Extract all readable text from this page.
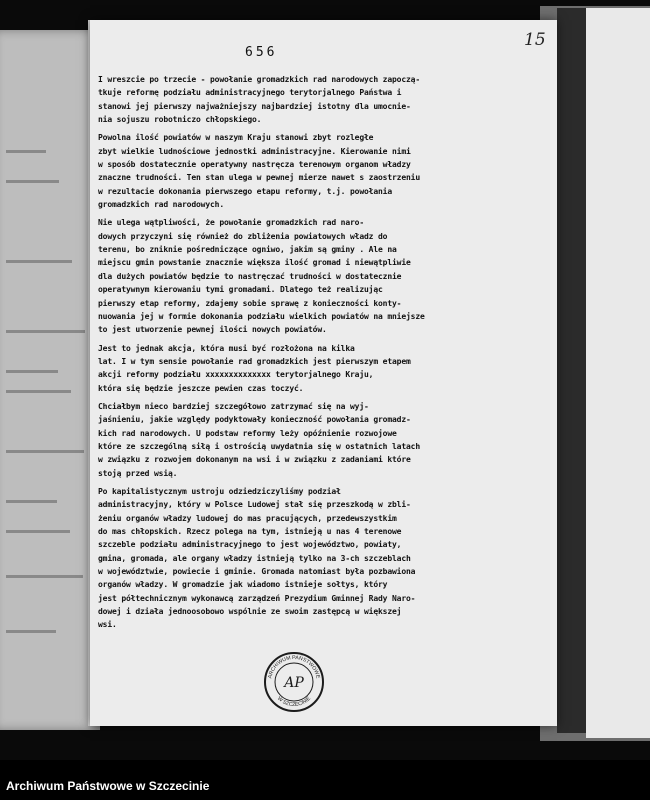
656
15
I wreszcie po trzecie - powołanie gromadzkich rad narodowych zapoczą-
tkuje reformę podziału administracyjnego terytorjalnego Państwa i
stanowi jej pierwszy najważniejszy najbardziej istotny dla umocnie-
nia sojuszu robotniczo chłopskiego.
Powolna ilość powiatów w naszym Kraju stanowi zbyt rozległe
zbyt wielkie ludnościowe jednostki administracyjne. Kierowanie nimi
w sposób dostatecznie operatywny nastręcza terenowym organom władzy
znaczne trudności. Ten stan ulega w pewnej mierze nawet s zaostrzeniu
w rezultacie dokonania pierwszego etapu reformy, t.j. powołania
gromadzkich rad narodowych.
Nie ulega wątpliwości, że powołanie gromadzkich rad naro-
dowych przyczyni się również do zbliżenia powiatowych władz do
terenu, bo zniknie pośredniczące ogniwo, jakim są gminy . Ale na
miejscu gmin powstanie znacznie większa ilość gromad i niewątpliwie
dla dużych powiatów będzie to nastręczać trudności w dostatecznie
operatywnym kierowaniu tymi gromadami. Dlatego też realizując
pierwszy etap reformy, zdajemy sobie sprawę z konieczności konty-
nuowania jej w formie dokonania podziału wielkich powiatów na mniejsze
to jest utworzenie pewnej ilości nowych powiatów.
Jest to jednak akcja, która musi być rozłożona na kilka
lat. I w tym sensie powołanie rad gromadzkich jest pierwszym etapem
akcji reformy podziału xxxxxxxxxxxxxx terytorjalnego Kraju,
która się będzie jeszcze pewien czas toczyć.
Chciałbym nieco bardziej szczegółowo zatrzymać się na wyj-
jaśnieniu, jakie względy podyktowały konieczność powołania gromadz-
kich rad narodowych. U podstaw reformy leży opóźnienie rozwojowe
które ze szczególną siłą i ostrością uwydatnia się w ostatnich latach
w związku z rozwojem dokonanym na wsi i w związku z zadaniami które
stoją przed wsią.
Po kapitalistycznym ustroju odziedziczyliśmy podział
administracyjny, który w Polsce Ludowej stał się przeszkodą w zbli-
żeniu organów władzy ludowej do mas pracujących, przedewszystkim
do mas chłopskich. Rzecz polega na tym, istnieją u nas 4 terenowe
szczeble podziału administracyjnego to jest województwo, powiaty,
gmina, gromada, ale organy władzy istnieją tylko na 3-ch szczeblach
w województwie, powiecie i gminie. Gromada natomiast była pozbawiona
organów władzy. W gromadzie jak wiadomo istnieje sołtys, który
jest półtechnicznym wykonawcą zarządzeń Prezydium Gminnej Rady Naro-
dowej i działa jednoosobowo wspólnie ze swoim zastępcą w większej
wsi.
ARCHIWUM PAŃSTWOWE
W SZCZECINIE
AP
Archiwum Państwowe w Szczecinie
